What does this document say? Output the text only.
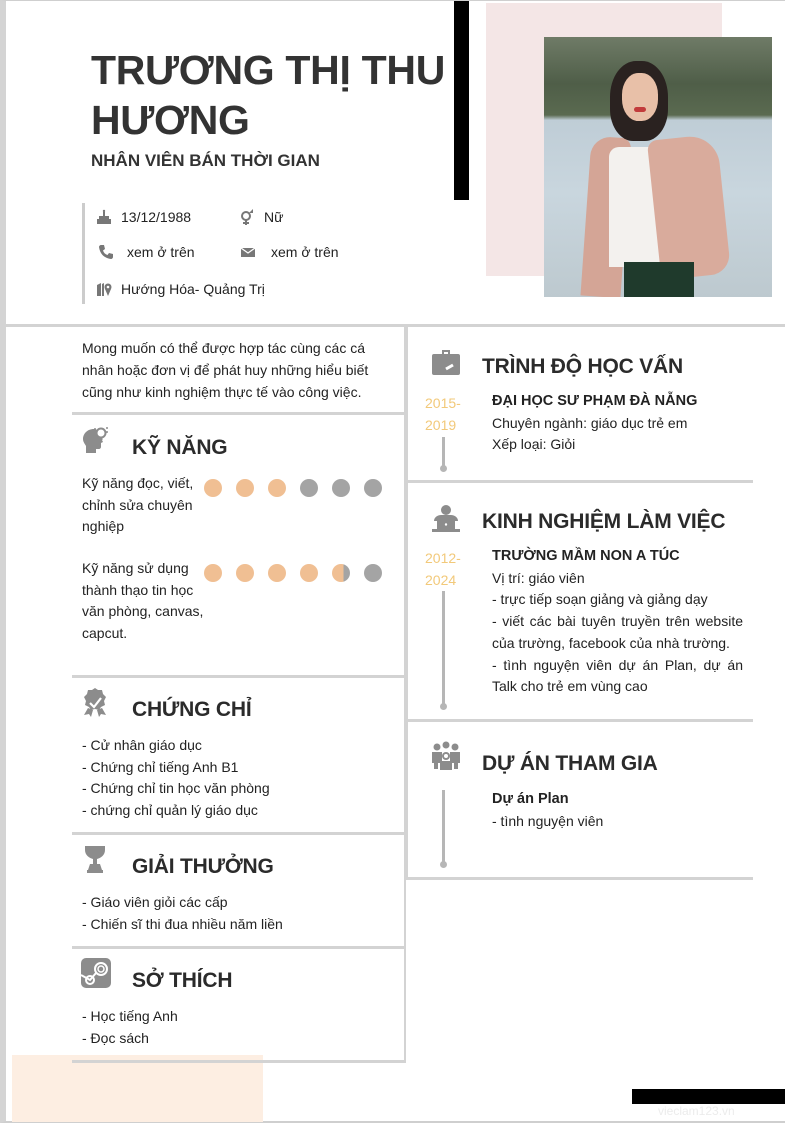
TRƯƠNG THỊ THU HƯƠNG
NHÂN VIÊN BÁN THỜI GIAN
13/12/1988	Nữ
xem ở trên	xem ở trên
Hướng Hóa- Quảng Trị

Mong muốn có thể được hợp tác cùng các cá nhân hoặc đơn vị để phát huy những hiểu biết cũng như kinh nghiệm thực tế vào công việc.

KỸ NĂNG
Kỹ năng đọc, viết, chỉnh sửa chuyên nghiệp
Kỹ năng sử dụng thành thạo tin học văn phòng, canvas, capcut.
CHỨNG CHỈ
- Cử nhân giáo dục
- Chứng chỉ tiếng Anh B1
- Chứng chỉ tin học văn phòng
- chứng chỉ quản lý giáo dục
GIẢI THƯỞNG
- Giáo viên giỏi các cấp
- Chiến sĩ thi đua nhiều năm liền
SỞ THÍCH
- Học tiếng Anh
- Đọc sách
TRÌNH ĐỘ HỌC VẤN
2015-
2019
ĐẠI HỌC SƯ PHẠM ĐÀ NẴNG
Chuyên ngành: giáo dục trẻ em
Xếp loại: Giỏi
KINH NGHIỆM LÀM VIỆC
2012-
2024
TRƯỜNG MẦM NON A TÚC
Vị trí: giáo viên
- trực tiếp soạn giảng và giảng dạy
- viết các bài tuyên truyền trên website của trường, facebook của nhà trường.
- tình nguyện viên dự án Plan, dự án Talk cho trẻ em vùng cao
DỰ ÁN THAM GIA
Dự án Plan
- tình nguyện viên
vieclam123.vn
